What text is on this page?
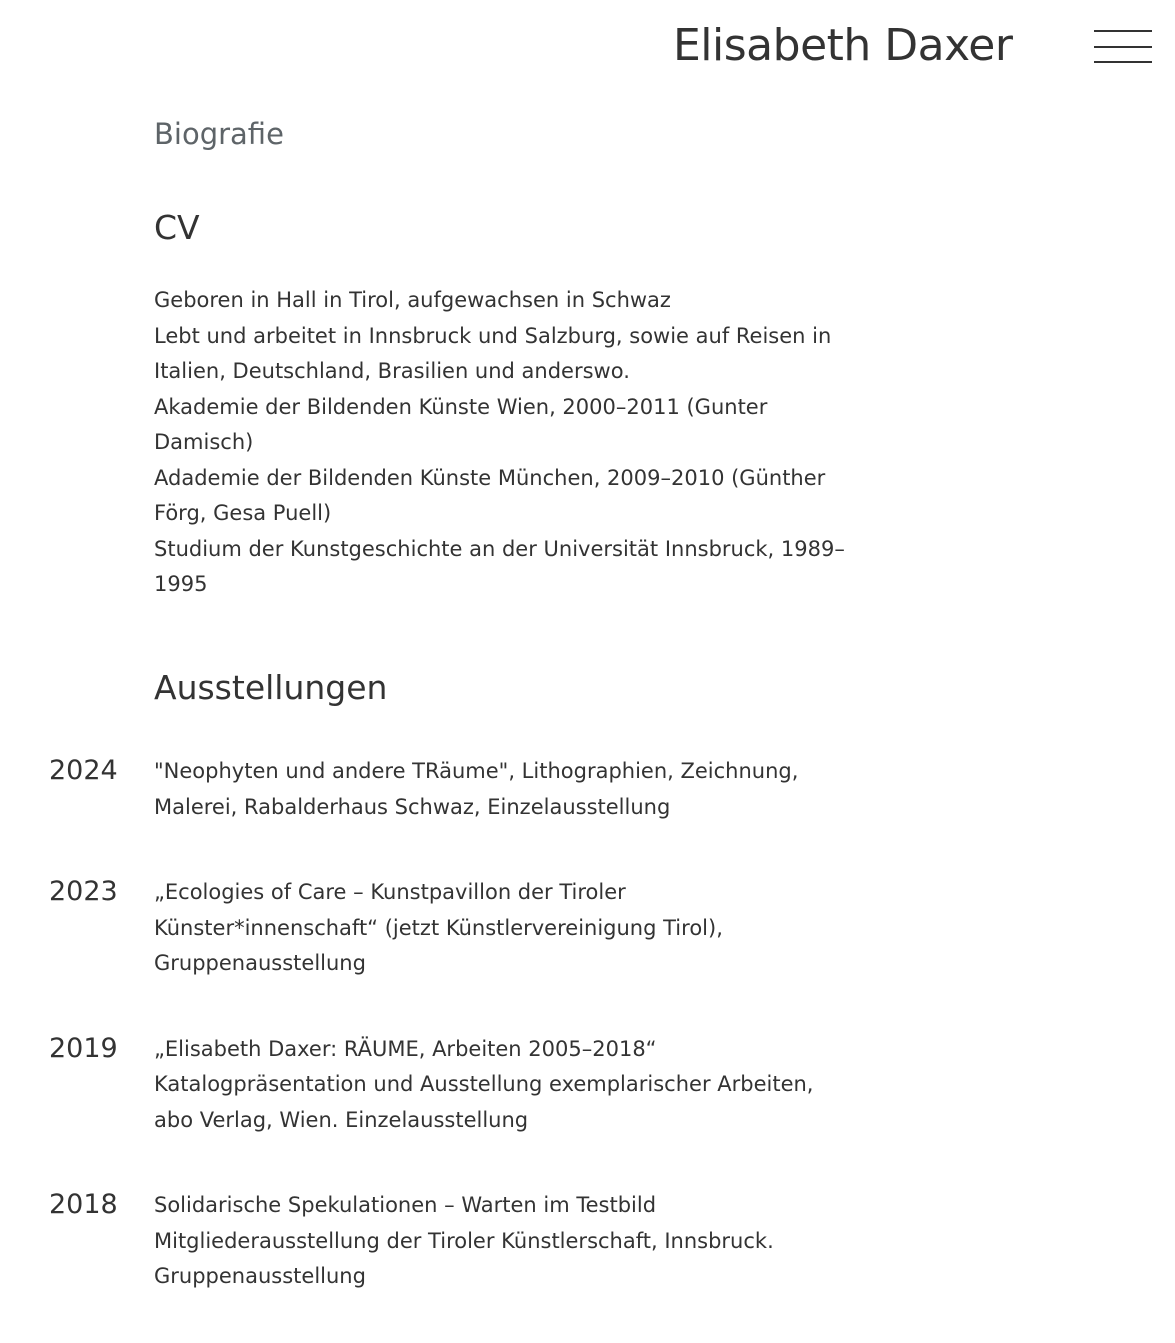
Elisabeth Daxer
Biografie
CV

Geboren in Hall in Tirol, aufgewachsen in Schwaz
Lebt und arbeitet in Innsbruck und Salzburg, sowie auf Reisen in
Italien, Deutschland, Brasilien und anderswo.
Akademie der Bildenden Künste Wien, 2000–2011 (Gunter
Damisch)
Adademie der Bildenden Künste München, 2009–2010 (Günther
Förg, Gesa Puell)
Studium der Kunstgeschichte an der Universität Innsbruck, 1989–
1995

Ausstellungen
2024 "Neophyten und andere TRäume", Lithographien, Zeichnung,
Malerei, Rabalderhaus Schwaz, Einzelausstellung
2023 „Ecologies of Care – Kunstpavillon der Tiroler
Künster*innenschaft“ (jetzt Künstlervereinigung Tirol),
Gruppenausstellung
2019 „Elisabeth Daxer: RÄUME, Arbeiten 2005–2018“
Katalogpräsentation und Ausstellung exemplarischer Arbeiten,
abo Verlag, Wien. Einzelausstellung
2018 Solidarische Spekulationen – Warten im Testbild
Mitgliederausstellung der Tiroler Künstlerschaft, Innsbruck.
Gruppenausstellung
